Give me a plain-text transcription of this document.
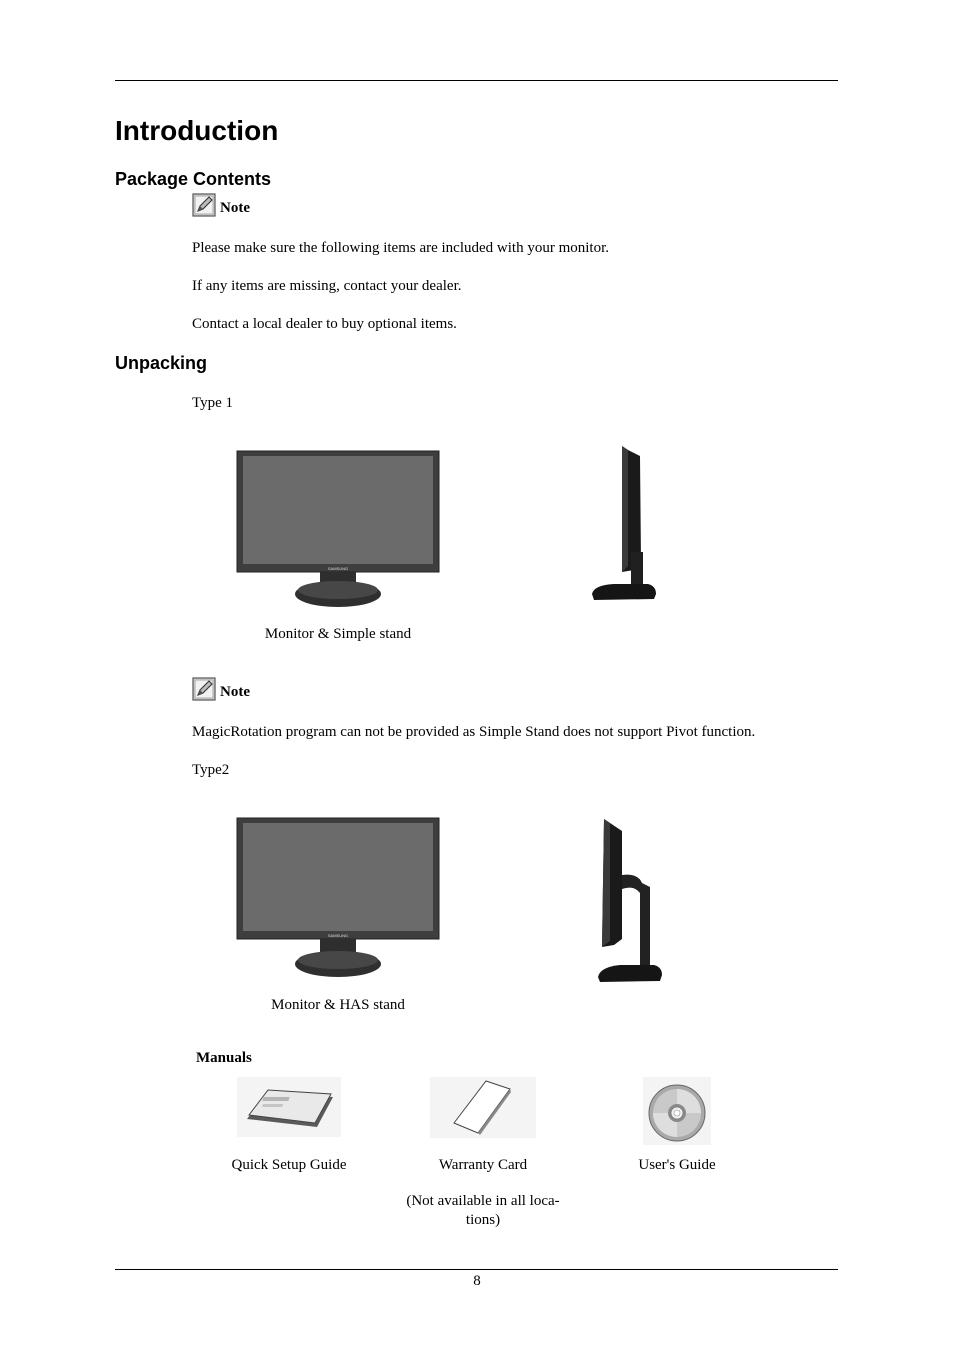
Introduction
Package Contents
Note
Please make sure the following items are included with your monitor.
If any items are missing, contact your dealer.
Contact a local dealer to buy optional items.
Unpacking
Type 1
SAMSUNG
Monitor & Simple stand
Note
MagicRotation program can not be provided as Simple Stand does not support Pivot function.
Type2
SAMSUNG
Monitor & HAS stand
Manuals
Quick Setup Guide	Warranty Card	User's Guide
(Not available in all loca-
tions)
8
